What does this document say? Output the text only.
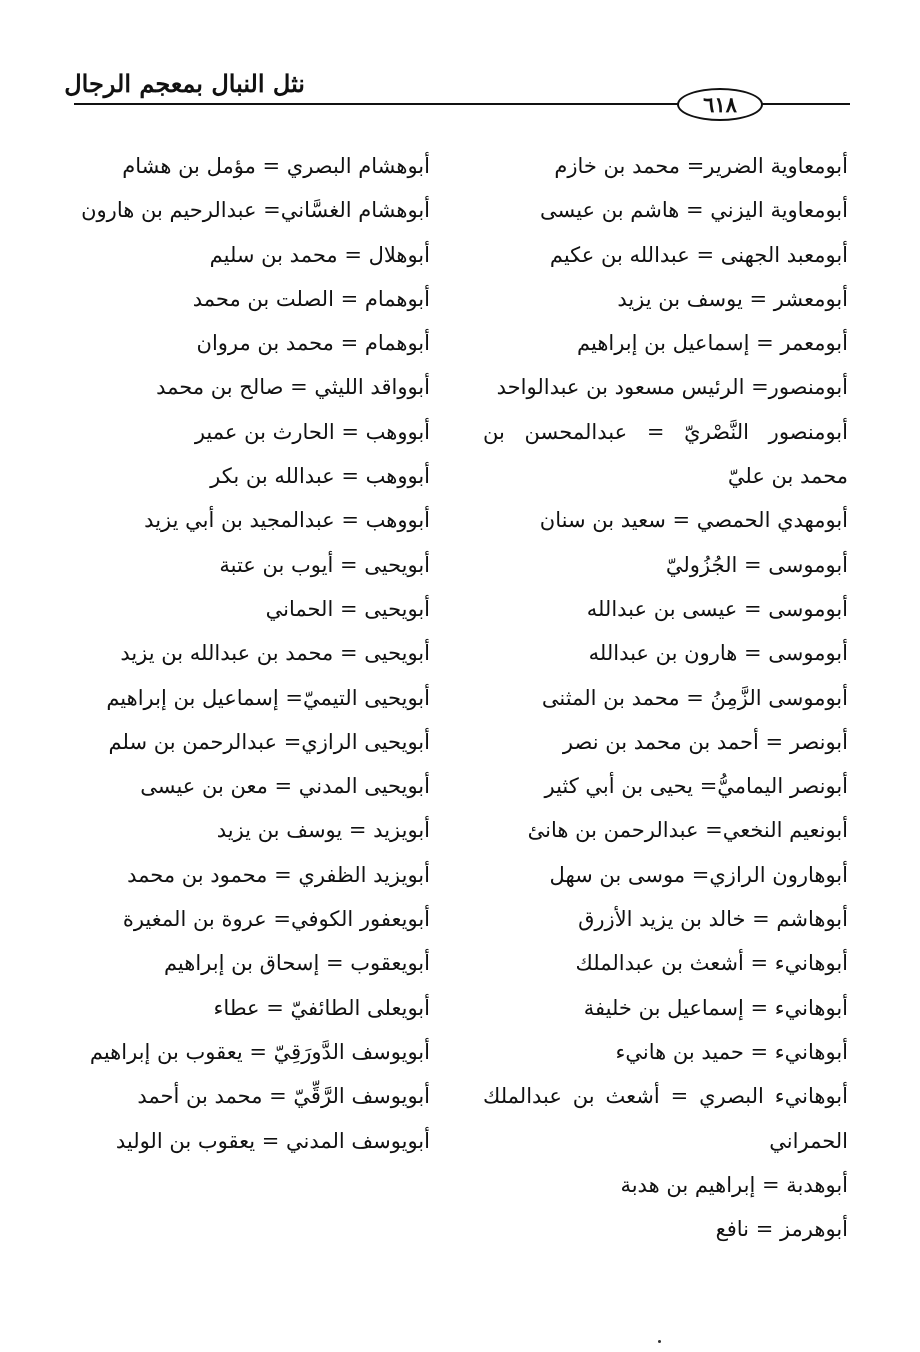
نثل النبال بمعجم الرجال
٦١٨
أبومعاوية الضرير= محمد بن خازم
أبومعاوية اليزني = هاشم بن عيسى
أبومعبد الجهنى = عبدالله بن عكيم
أبومعشر = يوسف بن يزيد
أبومعمر = إسماعيل بن إبراهيم
أبومنصور= الرئيس مسعود بن عبدالواحد
أبومنصور النَّصْريّ = عبدالمحسن بن محمد بن عليّ
أبومهدي الحمصي = سعيد بن سنان
أبوموسى = الجُزُوليّ
أبوموسى = عيسى بن عبدالله
أبوموسى = هارون بن عبدالله
أبوموسى الزَّمِنُ = محمد بن المثنى
أبونصر = أحمد بن محمد بن نصر
أبونصر اليماميُّ= يحيى بن أبي كثير
أبونعيم النخعي= عبدالرحمن بن هانئ
أبوهارون الرازي= موسى بن سهل
أبوهاشم = خالد بن يزيد الأزرق
أبوهانيء = أشعث بن عبدالملك
أبوهانيء = إسماعيل بن خليفة
أبوهانيء = حميد بن هانيء
أبوهانيء البصري = أشعث بن عبدالملك الحمراني
أبوهدبة = إبراهيم بن هدبة
أبوهرمز = نافع
أبوهشام البصري = مؤمل بن هشام
أبوهشام الغسَّاني= عبدالرحيم بن هارون
أبوهلال = محمد بن سليم
أبوهمام = الصلت بن محمد
أبوهمام = محمد بن مروان
أبوواقد الليثي = صالح بن محمد
أبووهب = الحارث بن عمير
أبووهب = عبدالله بن بكر
أبووهب = عبدالمجيد بن أبي يزيد
أبويحيى = أيوب بن عتبة
أبويحيى = الحماني
أبويحيى = محمد بن عبدالله بن يزيد
أبويحيى التيميّ= إسماعيل بن إبراهيم
أبويحيى الرازي= عبدالرحمن بن سلم
أبويحيى المدني = معن بن عيسى
أبويزيد = يوسف بن يزيد
أبويزيد الظفري = محمود بن محمد
أبويعفور الكوفي= عروة بن المغيرة
أبويعقوب = إسحاق بن إبراهيم
أبويعلى الطائفيّ = عطاء
أبويوسف الدَّورَقِيّ = يعقوب بن إبراهيم
أبويوسف الرَّقِّيّ = محمد بن أحمد
أبويوسف المدني = يعقوب بن الوليد
